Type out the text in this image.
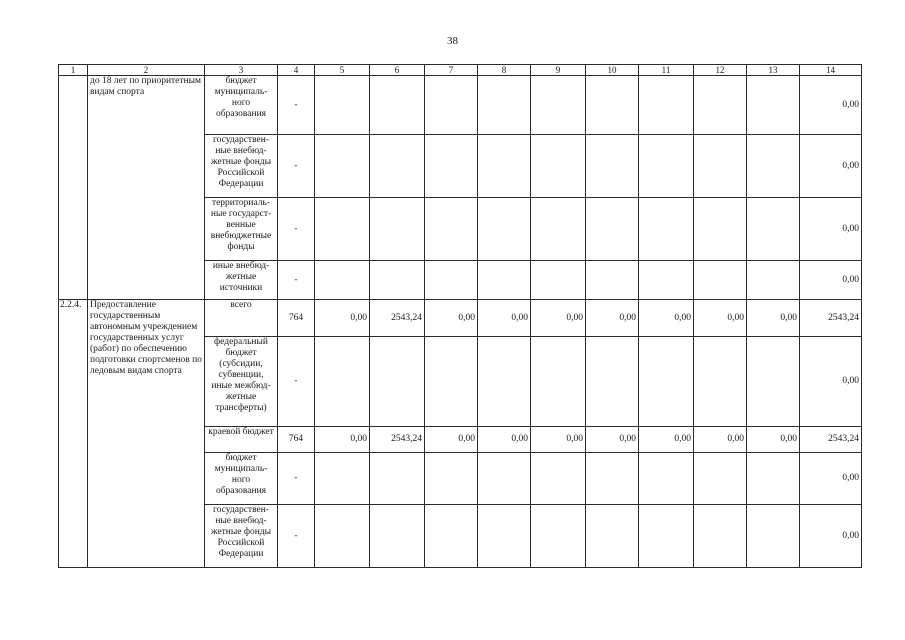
38
1	2	3	4	5	6	7	8	9	10	11	12	13	14
	до 18 лет по приоритетным видам спорта	бюджет муниципаль-ного образования	-										0,00
		государствен-ные внебюд-жетные фонды Российской Федерации	-										0,00
		территориаль-ные государст-венные внебюджетные фонды	-										0,00
		иные внебюд-жетные источники	-										0,00
2.2.4.	Предоставление государственным автономным учреждением государственных услуг (работ) по обеспечению подготовки спортсменов по ледовым видам спорта	всего	764	0,00	2543,24	0,00	0,00	0,00	0,00	0,00	0,00	0,00	2543,24
		федеральный бюджет (субсидии, субвенции, иные межбюд-жетные трансферты)	-										0,00
		краевой бюджет	764	0,00	2543,24	0,00	0,00	0,00	0,00	0,00	0,00	0,00	2543,24
		бюджет муниципаль-ного образования	-										0,00
		государствен-ные внебюд-жетные фонды Российской Федерации	-										0,00
